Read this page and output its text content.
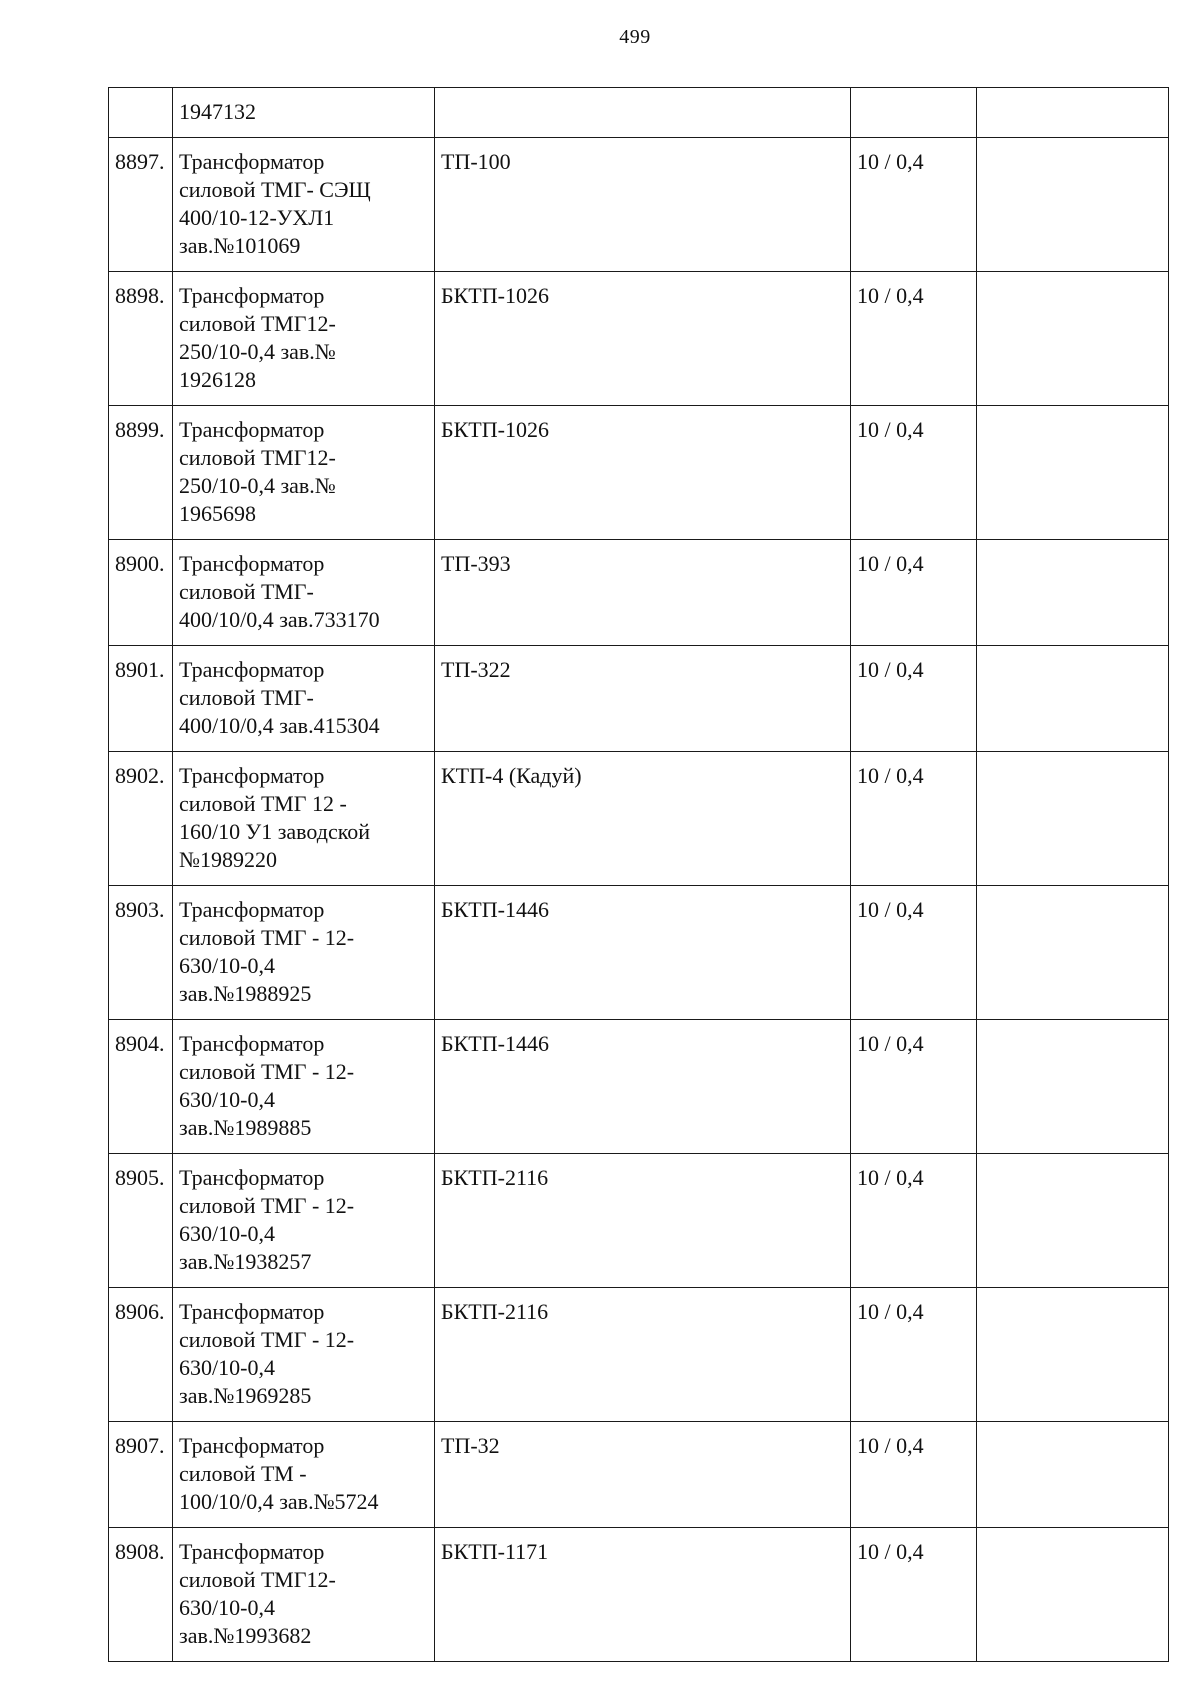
499
	1947132			
8897.	Трансформатор
силовой ТМГ- СЭЩ
400/10-12-УХЛ1
зав.№101069	ТП-100	10 / 0,4	
8898.	Трансформатор
силовой ТМГ12-
250/10-0,4 зав.№
1926128	БКТП-1026	10 / 0,4	
8899.	Трансформатор
силовой ТМГ12-
250/10-0,4 зав.№
1965698	БКТП-1026	10 / 0,4	
8900.	Трансформатор
силовой ТМГ-
400/10/0,4 зав.733170	ТП-393	10 / 0,4	
8901.	Трансформатор
силовой ТМГ-
400/10/0,4 зав.415304	ТП-322	10 / 0,4	
8902.	Трансформатор
силовой ТМГ 12 -
160/10 У1 заводской
№1989220	КТП-4 (Кадуй)	10 / 0,4	
8903.	Трансформатор
силовой ТМГ - 12-
630/10-0,4
зав.№1988925	БКТП-1446	10 / 0,4	
8904.	Трансформатор
силовой ТМГ - 12-
630/10-0,4
зав.№1989885	БКТП-1446	10 / 0,4	
8905.	Трансформатор
силовой ТМГ - 12-
630/10-0,4
зав.№1938257	БКТП-2116	10 / 0,4	
8906.	Трансформатор
силовой ТМГ - 12-
630/10-0,4
зав.№1969285	БКТП-2116	10 / 0,4	
8907.	Трансформатор
силовой ТМ -
100/10/0,4 зав.№5724	ТП-32	10 / 0,4	
8908.	Трансформатор
силовой ТМГ12-
630/10-0,4
зав.№1993682	БКТП-1171	10 / 0,4	
